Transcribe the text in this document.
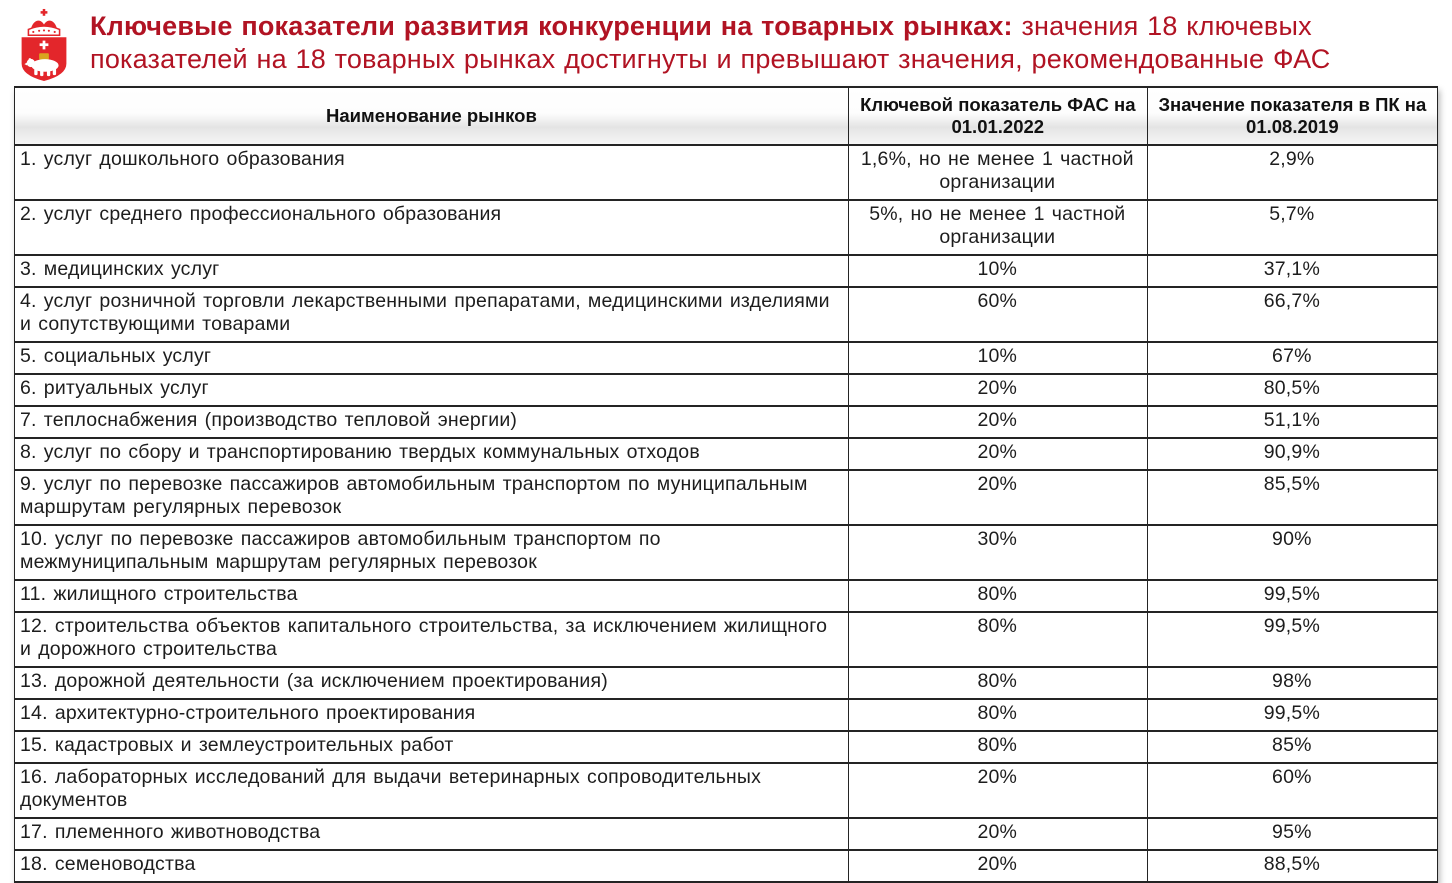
Ключевые показатели развития конкуренции на товарных рынках: значения 18 ключевых показателей на 18 товарных рынках достигнуты и превышают значения, рекомендованные ФАС
Наименование рынков	Ключевой показатель ФАС на 01.01.2022	Значение показателя в ПК на 01.08.2019
1. услуг дошкольного образования	1,6%, но не менее 1 частной организации	2,9%
2. услуг среднего профессионального образования	5%, но не менее 1 частной организации	5,7%
3. медицинских услуг	10%	37,1%
4. услуг розничной торговли лекарственными препаратами, медицинскими изделиями и сопутствующими товарами	60%	66,7%
5. социальных услуг	10%	67%
6. ритуальных услуг	20%	80,5%
7. теплоснабжения (производство тепловой энергии)	20%	51,1%
8. услуг по сбору и транспортированию твердых коммунальных отходов	20%	90,9%
9. услуг по перевозке пассажиров автомобильным транспортом по муниципальным маршрутам регулярных перевозок	20%	85,5%
10. услуг по перевозке пассажиров автомобильным транспортом по межмуниципальным маршрутам регулярных перевозок	30%	90%
11. жилищного строительства	80%	99,5%
12. строительства объектов капитального строительства, за исключением жилищного и дорожного строительства	80%	99,5%
13. дорожной деятельности (за исключением проектирования)	80%	98%
14. архитектурно-строительного проектирования	80%	99,5%
15. кадастровых и землеустроительных работ	80%	85%
16. лабораторных исследований для выдачи ветеринарных сопроводительных документов	20%	60%
17. племенного животноводства	20%	95%
18. семеноводства	20%	88,5%
